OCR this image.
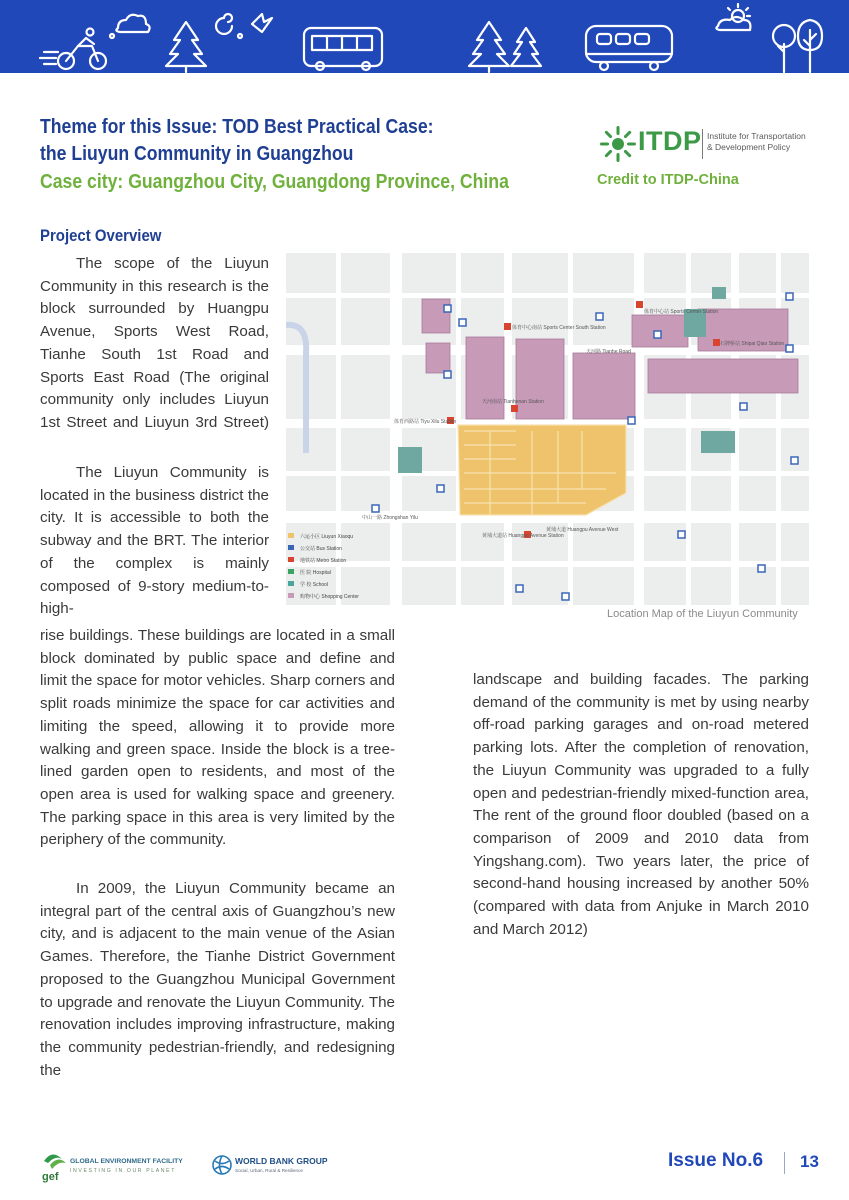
Theme for this Issue: TOD Best Practical Case:
the Liuyun Community in Guangzhou
Case city: Guangzhou City, Guangdong Province, China
ITDP Institute for Transportation
& Development Policy
Credit to ITDP-China
Project Overview

The scope of the Liuyun Community in this research is the block surrounded by Huangpu Avenue, Sports West Road, Tianhe South 1st Road and Sports East Road (The original community only includes Liuyun 1st Street and Liuyun 3rd Street)

The Liuyun Community is located in the business district the city. It is accessible to both the subway and the BRT. The interior of the complex is mainly composed of 9-story medium-to-high-

rise buildings. These buildings are located in a small block dominated by public space and define and limit the space for motor vehicles. Sharp corners and split roads minimize the space for car activities and limiting the speed, allowing it to provide more walking and green space. Inside the block is a tree-lined garden open to residents, and most of the open area is used for walking space and greenery. The parking space in this area is very limited by the periphery of the community.

In 2009, the Liuyun Community became an integral part of the central axis of Guangzhou’s new city, and is adjacent to the main venue of the Asian Games. Therefore, the Tianhe District Government proposed to the Guangzhou Municipal Government to upgrade and renovate the Liuyun Community. The renovation includes improving infrastructure, making the community pedestrian-friendly, and redesigning the

landscape and building facades. The parking demand of the community is met by using nearby off-road parking garages and on-road metered parking lots. After the completion of renovation, the Liuyun Community was upgraded to a fully open and pedestrian-friendly mixed-function area, The rent of the ground floor doubled (based on a comparison of 2009 and 2010 data from Yingshang.com). Two years later, the price of second-hand housing increased by another 50% (compared with data from Anjuke in March 2010 and March 2012)

体育中心南站 Sports Center South Station
体育中心站 Sports Center Station
石牌桥站 Shipai Qiao Station
天河南站 Tianhenan Station
体育西路站 Tiyu Xilu Station
黄埔大道站 Huangpu Avenue Station
天河路 Tianhe Road
中山一路 Zhongshan Yilu
黄埔大道 Huangpu Avenue West
六运小区 Liuyun Xiaoqu
公交站 Bus Station
地铁站 Metro Station
医 院 Hospital
学 校 School
购物中心 Shopping Center
Location Map of the Liuyun Community
gef
GLOBAL ENVIRONMENT FACILITY
INVESTING IN OUR PLANET
WORLD BANK GROUP
Social, Urban, Rural & Resilience	Issue No.6 13
